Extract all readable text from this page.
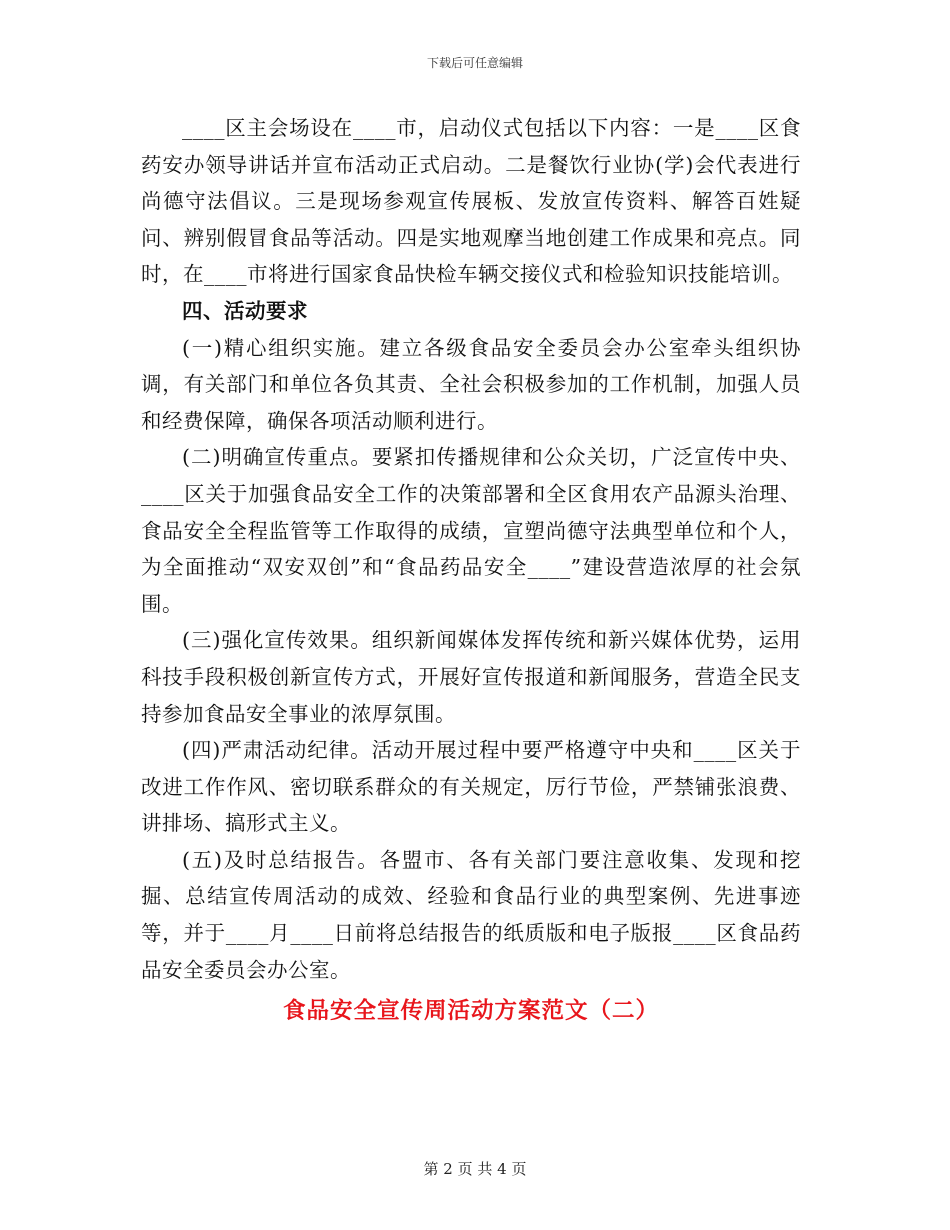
下载后可任意编辑

____区主会场设在____市，启动仪式包括以下内容：一是____区食药安办领导讲话并宣布活动正式启动。二是餐饮行业协(学)会代表进行尚德守法倡议。三是现场参观宣传展板、发放宣传资料、解答百姓疑问、辨别假冒食品等活动。四是实地观摩当地创建工作成果和亮点。同时，在____市将进行国家食品快检车辆交接仪式和检验知识技能培训。

四、活动要求

(一)精心组织实施。建立各级食品安全委员会办公室牵头组织协调，有关部门和单位各负其责、全社会积极参加的工作机制，加强人员和经费保障，确保各项活动顺利进行。

(二)明确宣传重点。要紧扣传播规律和公众关切，广泛宣传中央、____区关于加强食品安全工作的决策部署和全区食用农产品源头治理、食品安全全程监管等工作取得的成绩，宣塑尚德守法典型单位和个人，为全面推动“双安双创”和“食品药品安全____”建设营造浓厚的社会氛围。

(三)强化宣传效果。组织新闻媒体发挥传统和新兴媒体优势，运用科技手段积极创新宣传方式，开展好宣传报道和新闻服务，营造全民支持参加食品安全事业的浓厚氛围。

(四)严肃活动纪律。活动开展过程中要严格遵守中央和____区关于改进工作作风、密切联系群众的有关规定，厉行节俭，严禁铺张浪费、讲排场、搞形式主义。

(五)及时总结报告。各盟市、各有关部门要注意收集、发现和挖掘、总结宣传周活动的成效、经验和食品行业的典型案例、先进事迹等，并于____月____日前将总结报告的纸质版和电子版报____区食品药品安全委员会办公室。

食品安全宣传周活动方案范文（二）
第 2 页 共 4 页
